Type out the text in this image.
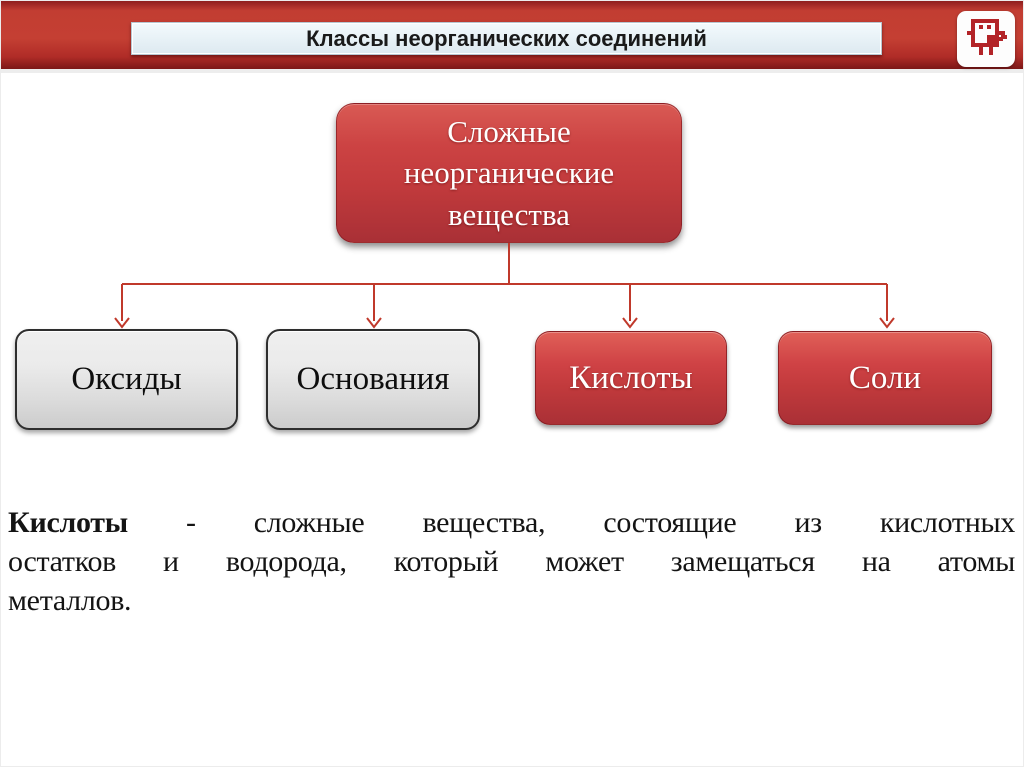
Классы неорганических соединений
Сложные неорганические вещества
Оксиды	Основания	Кислоты	Соли
Кислоты - сложные вещества, состоящие из кислотных
остатков и водорода, который может замещаться на атомы
металлов.
